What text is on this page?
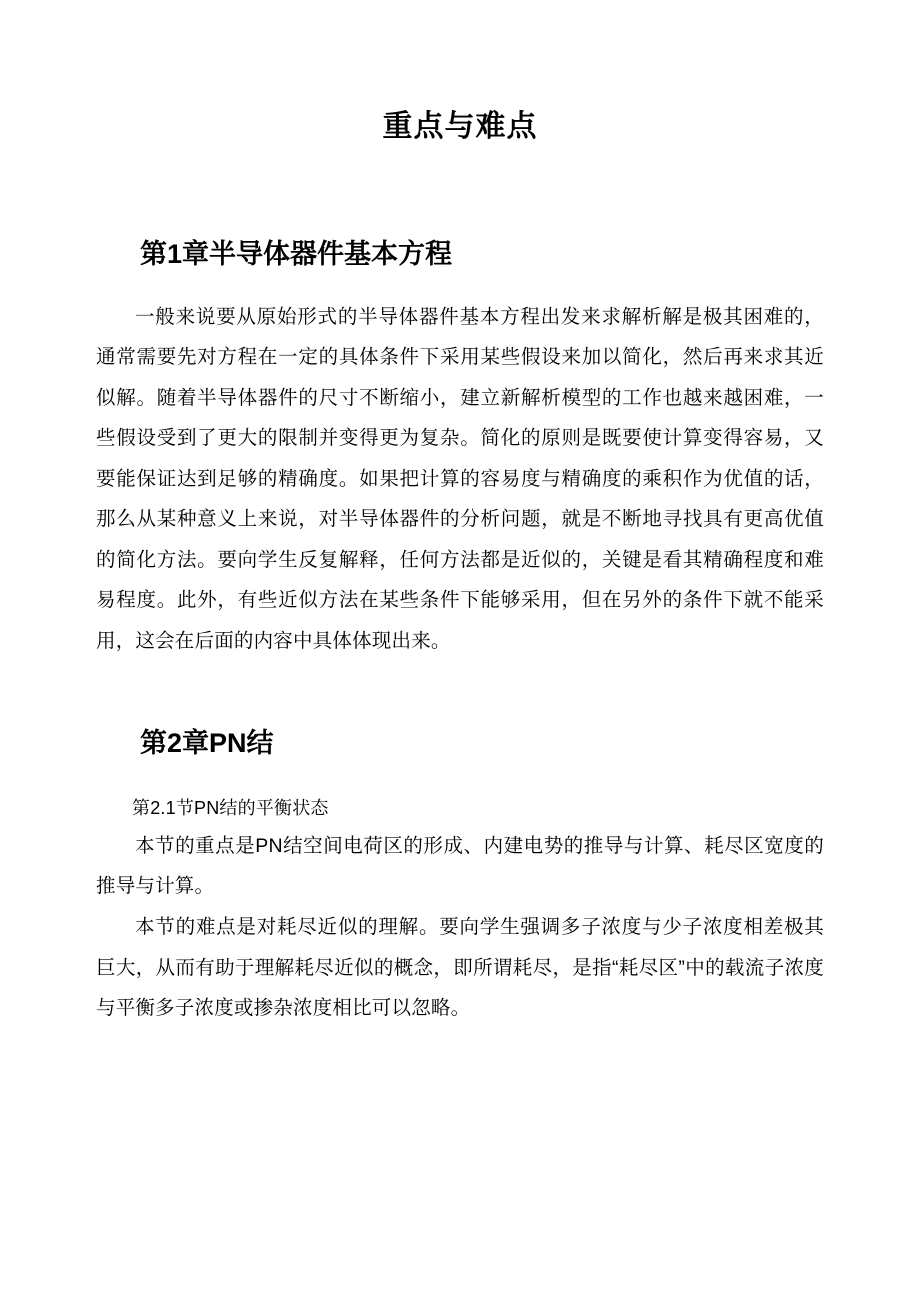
重点与难点
第1章半导体器件基本方程

一般来说要从原始形式的半导体器件基本方程出发来求解析解是极其困难的，通常需要先对方程在一定的具体条件下采用某些假设来加以简化，然后再来求其近似解。随着半导体器件的尺寸不断缩小，建立新解析模型的工作也越来越困难，一些假设受到了更大的限制并变得更为复杂。简化的原则是既要使计算变得容易，又要能保证达到足够的精确度。如果把计算的容易度与精确度的乘积作为优值的话，那么从某种意义上来说，对半导体器件的分析问题，就是不断地寻找具有更高优值的简化方法。要向学生反复解释，任何方法都是近似的，关键是看其精确程度和难易程度。此外，有些近似方法在某些条件下能够采用，但在另外的条件下就不能采用，这会在后面的内容中具体体现出来。

第2章PN结
第2.1节PN结的平衡状态

本节的重点是PN结空间电荷区的形成、内建电势的推导与计算、耗尽区宽度的推导与计算。

本节的难点是对耗尽近似的理解。要向学生强调多子浓度与少子浓度相差极其巨大，从而有助于理解耗尽近似的概念，即所谓耗尽，是指“耗尽区”中的载流子浓度与平衡多子浓度或掺杂浓度相比可以忽略。
